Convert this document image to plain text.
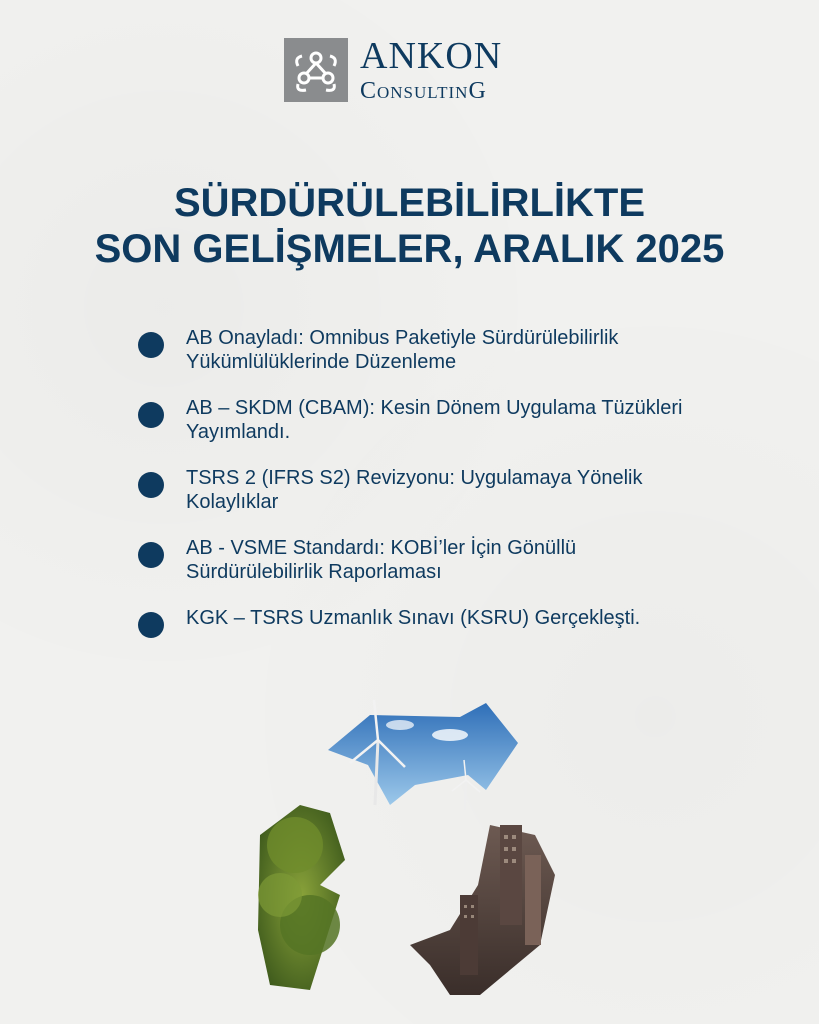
ANKON
ConsultinG
SÜRDÜRÜLEBİLİRLİKTE
SON GELİŞMELER, ARALIK 2025
AB Onayladı: Omnibus Paketiyle Sürdürülebilirlik Yükümlülüklerinde Düzenleme
AB – SKDM (CBAM): Kesin Dönem Uygulama Tüzükleri Yayımlandı.
TSRS 2 (IFRS S2) Revizyonu: Uygulamaya Yönelik Kolaylıklar
AB - VSME Standardı: KOBİ’ler İçin Gönüllü Sürdürülebilirlik Raporlaması
KGK – TSRS Uzmanlık Sınavı (KSRU) Gerçekleşti.
